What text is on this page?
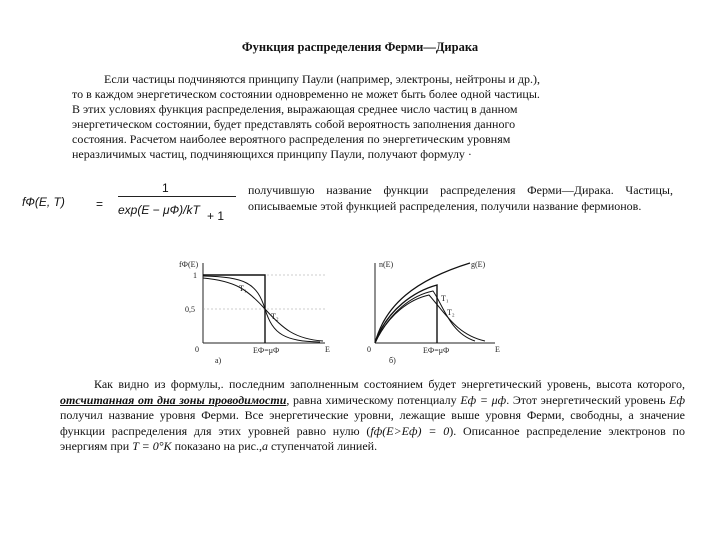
Функция распределения Ферми—Дирака
Если частицы подчиняются принципу Паули (например, электроны, нейтроны и др.),
то в каждом энергетическом состоянии одновременно не может быть более одной частицы.
В этих условиях функция распределения, выражающая среднее число частиц в данном
энергетическом состоянии, будет представлять собой вероятность заполнения данного
состояния. Расчетом наиболее вероятного распределения по энергетическим уровням
неразличимых частиц, подчиняющихся принципу Паули, получают формулу ·
fФ(E, T)	=
1
exp(E − μФ)/kT + 1
получившую название функции распределения Ферми—Дирака. Частицы, описываемые этой функцией распределения, получили название фермионов.
fФ(E)
1
0,5
0	E
EФ=μФ
а)
T₁
T₂
n(E)	g(E)
0	E
EФ=μФ
б)
T₁
T₂
Как видно из формулы,. последним заполненным состоянием будет энергетический уровень, высота которого, отсчитанная от дна зоны проводимости, равна химическому потенциалу Eф = μф. Этот энергетический уровень Eф получил название уровня Ферми. Все энергетические уровни, лежащие выше уровня Ферми, свободны, а значение функции распределения для этих уровней равно нулю (fф(E>Eф) = 0). Описанное распределение электронов по энергиям при T = 0°K показано на рис.,а ступенчатой линией.
